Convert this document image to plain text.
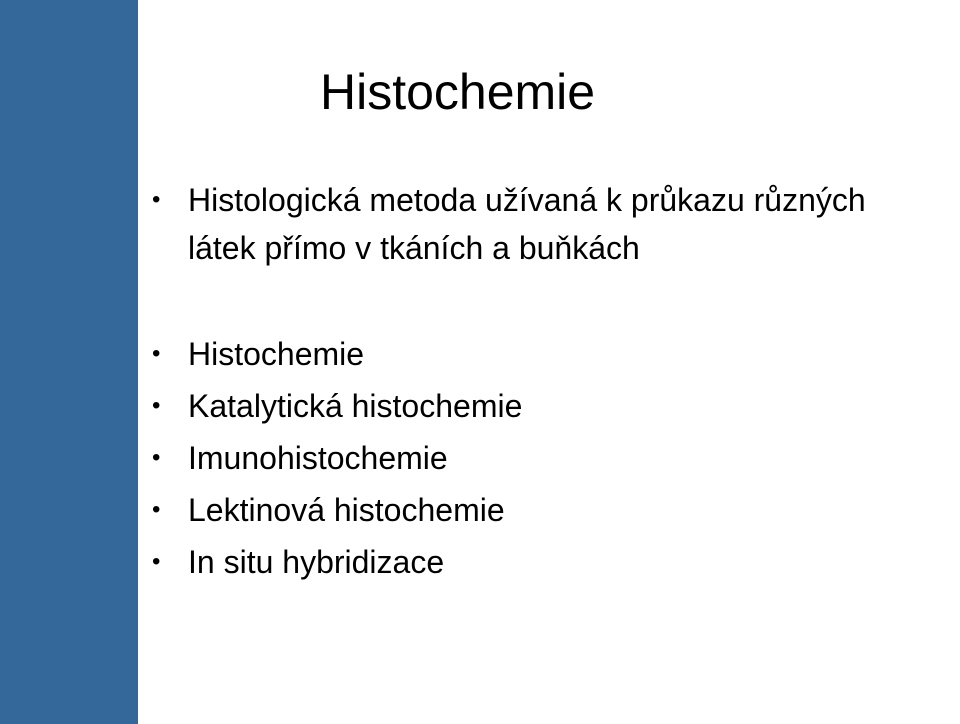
Histochemie
• Histologická metoda užívaná k průkazu různých látek přímo v tkáních a buňkách
• Histochemie
• Katalytická histochemie
• Imunohistochemie
• Lektinová histochemie
• In situ hybridizace
